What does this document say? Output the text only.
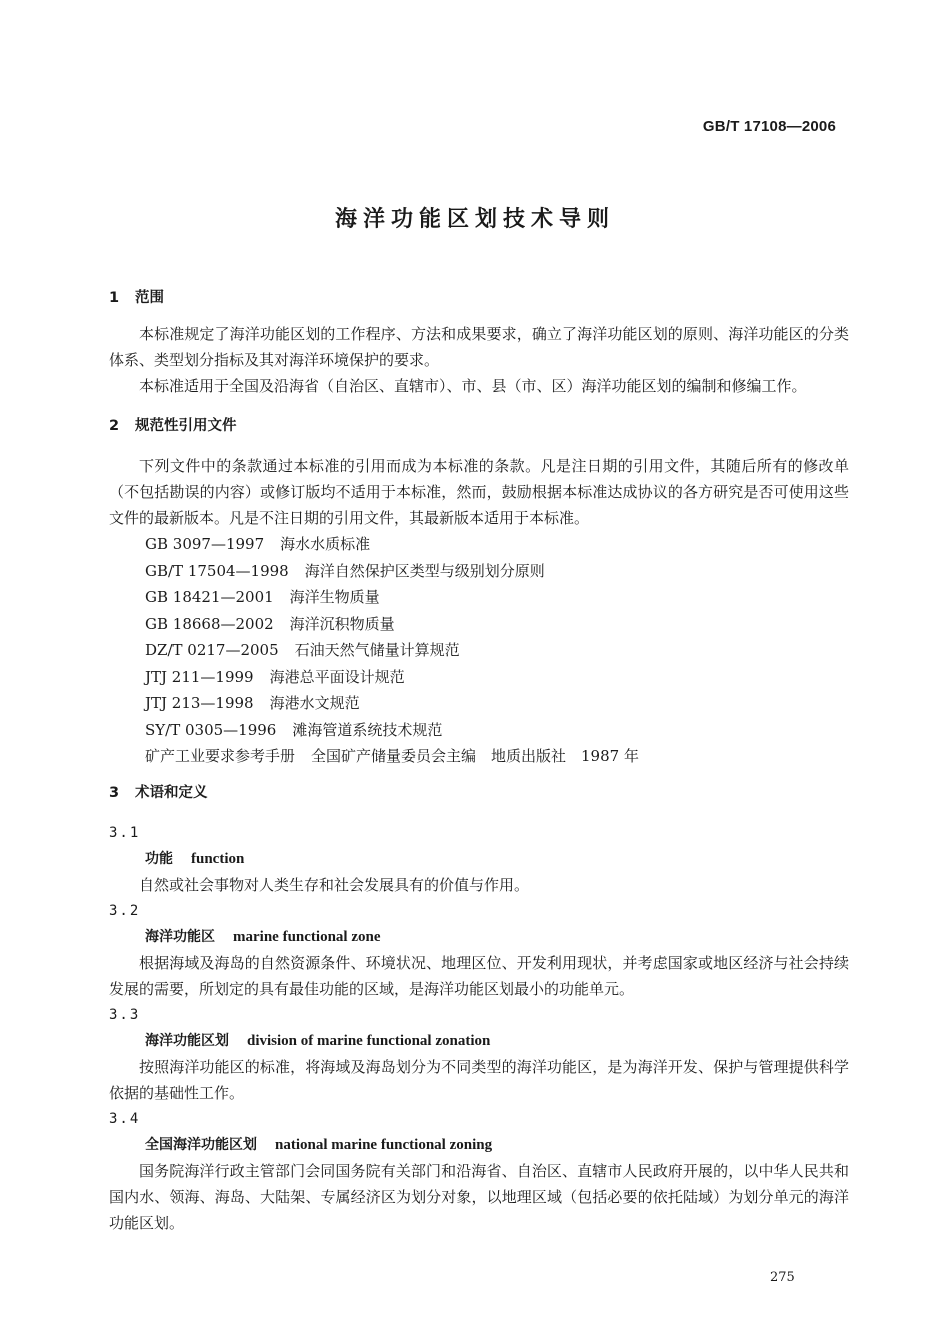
GB/T 17108—2006
海洋功能区划技术导则
1 范围

本标准规定了海洋功能区划的工作程序、方法和成果要求，确立了海洋功能区划的原则、海洋功能区的分类体系、类型划分指标及其对海洋环境保护的要求。

本标准适用于全国及沿海省（自治区、直辖市）、市、县（市、区）海洋功能区划的编制和修编工作。

2 规范性引用文件

下列文件中的条款通过本标准的引用而成为本标准的条款。凡是注日期的引用文件，其随后所有的修改单（不包括勘误的内容）或修订版均不适用于本标准，然而，鼓励根据本标准达成协议的各方研究是否可使用这些文件的最新版本。凡是不注日期的引用文件，其最新版本适用于本标准。

GB 3097—1997 海水水质标准
GB/T 17504—1998 海洋自然保护区类型与级别划分原则
GB 18421—2001 海洋生物质量
GB 18668—2002 海洋沉积物质量
DZ/T 0217—2005 石油天然气储量计算规范
JTJ 211—1999 海港总平面设计规范
JTJ 213—1998 海港水文规范
SY/T 0305—1996 滩海管道系统技术规范
矿产工业要求参考手册 全国矿产储量委员会主编　地质出版社　1987 年
3 术语和定义
3.1
功能 function

自然或社会事物对人类生存和社会发展具有的价值与作用。

3.2
海洋功能区 marine functional zone

根据海域及海岛的自然资源条件、环境状况、地理区位、开发利用现状，并考虑国家或地区经济与社会持续发展的需要，所划定的具有最佳功能的区域，是海洋功能区划最小的功能单元。

3.3
海洋功能区划 division of marine functional zonation

按照海洋功能区的标准，将海域及海岛划分为不同类型的海洋功能区，是为海洋开发、保护与管理提供科学依据的基础性工作。

3.4
全国海洋功能区划 national marine functional zoning

国务院海洋行政主管部门会同国务院有关部门和沿海省、自治区、直辖市人民政府开展的，以中华人民共和国内水、领海、海岛、大陆架、专属经济区为划分对象，以地理区域（包括必要的依托陆域）为划分单元的海洋功能区划。

275
